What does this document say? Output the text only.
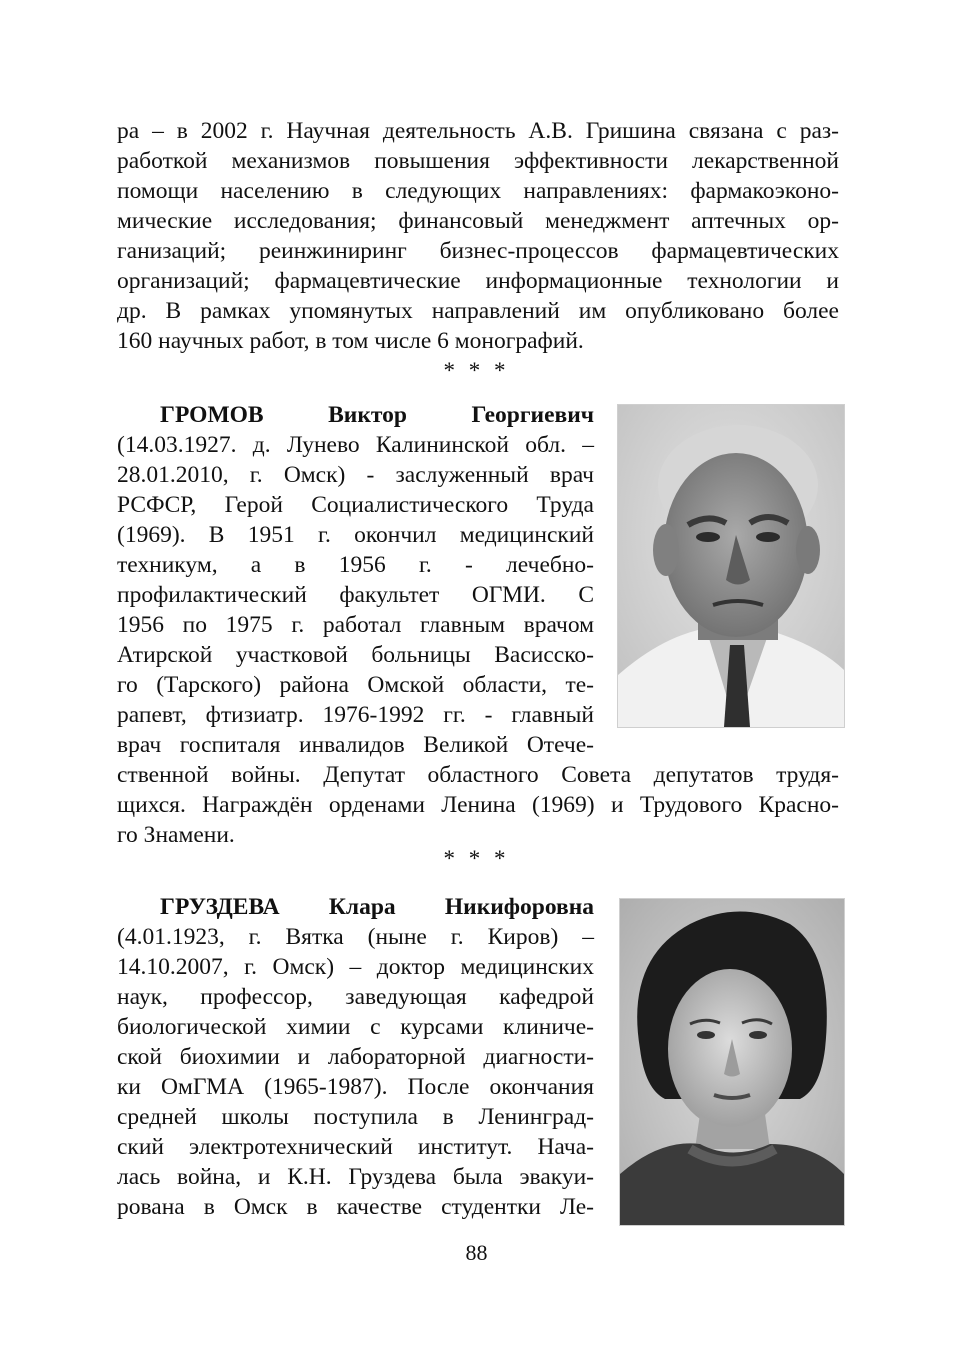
ра – в 2002 г. Научная деятельность А.В. Гришина связана с раз-
работкой механизмов повышения эффективности лекарственной
помощи населению в следующих направлениях: фармакоэконо-
мические исследования; финансовый менеджмент аптечных ор-
ганизаций; реинжиниринг бизнес-процессов фармацевтических
организаций; фармацевтические информационные технологии и
др. В рамках упомянутых направлений им опубликовано более
160 научных работ, в том числе 6 монографий.
* * *
ГРОМОВ	Виктор	Георгиевич
(14.03.1927. д. Лунево Калининской обл. –
28.01.2010, г. Омск) - заслуженный врач
РСФСР, Герой Социалистического Труда
(1969). В 1951 г. окончил медицинский
техникум, а в 1956 г. - лечебно-
профилактический факультет ОГМИ. С
1956 по 1975 г. работал главным врачом
Атирской участковой больницы Васисско-
го (Тарского) района Омской области, те-
рапевт, фтизиатр. 1976-1992 гг. - главный
врач госпиталя инвалидов Великой Отече-
ственной войны. Депутат областного Совета депутатов трудя-
щихся. Награждён орденами Ленина (1969) и Трудового Красно-
го Знамени.
* * *
ГРУЗДЕВА Клара Никифоровна
(4.01.1923, г. Вятка (ныне г. Киров) –
14.10.2007, г. Омск) – доктор медицинских
наук, профессор, заведующая кафедрой
биологической химии с курсами клиниче-
ской биохимии и лабораторной диагности-
ки ОмГМА (1965-1987). После окончания
средней школы поступила в Ленинград-
ский электротехнический институт. Нача-
лась война, и К.Н. Груздева была эвакуи-
рована в Омск в качестве студентки Ле-
88
